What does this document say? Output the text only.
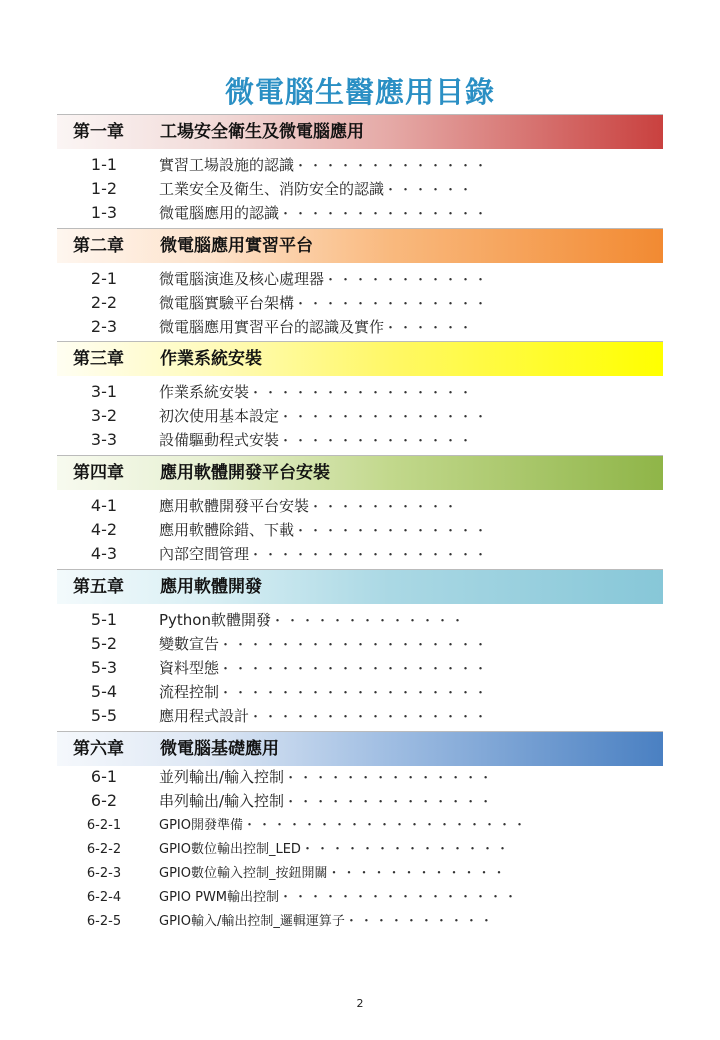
微電腦生醫應用目錄
第一章 工場安全衛生及微電腦應用
1-1	實習工場設施的認識・・・・・・・・・・・・・
1-2	工業安全及衛生、消防安全的認識・・・・・・
1-3	微電腦應用的認識・・・・・・・・・・・・・・
第二章 微電腦應用實習平台
2-1	微電腦演進及核心處理器・・・・・・・・・・・
2-2	微電腦實驗平台架構・・・・・・・・・・・・・
2-3	微電腦應用實習平台的認識及實作・・・・・・
第三章 作業系統安裝
3-1	作業系統安裝・・・・・・・・・・・・・・・
3-2	初次使用基本設定・・・・・・・・・・・・・・
3-3	設備驅動程式安裝・・・・・・・・・・・・・
第四章 應用軟體開發平台安裝
4-1	應用軟體開發平台安裝・・・・・・・・・・
4-2	應用軟體除錯、下載・・・・・・・・・・・・・
4-3	內部空間管理・・・・・・・・・・・・・・・・
第五章 應用軟體開發
5-1	Python軟體開發・・・・・・・・・・・・・
5-2	變數宣告・・・・・・・・・・・・・・・・・・
5-3	資料型態・・・・・・・・・・・・・・・・・・
5-4	流程控制・・・・・・・・・・・・・・・・・・
5-5	應用程式設計・・・・・・・・・・・・・・・・
第六章 微電腦基礎應用
6-1	並列輸出/輸入控制・・・・・・・・・・・・・・
6-2	串列輸出/輸入控制・・・・・・・・・・・・・・
6-2-1	GPIO開發準備・・・・・・・・・・・・・・・・・・・
6-2-2	GPIO數位輸出控制_LED・・・・・・・・・・・・・・
6-2-3	GPIO數位輸入控制_按鈕開關・・・・・・・・・・・・
6-2-4	GPIO PWM輸出控制・・・・・・・・・・・・・・・・
6-2-5	GPIO輸入/輸出控制_邏輯運算子・・・・・・・・・・
2
